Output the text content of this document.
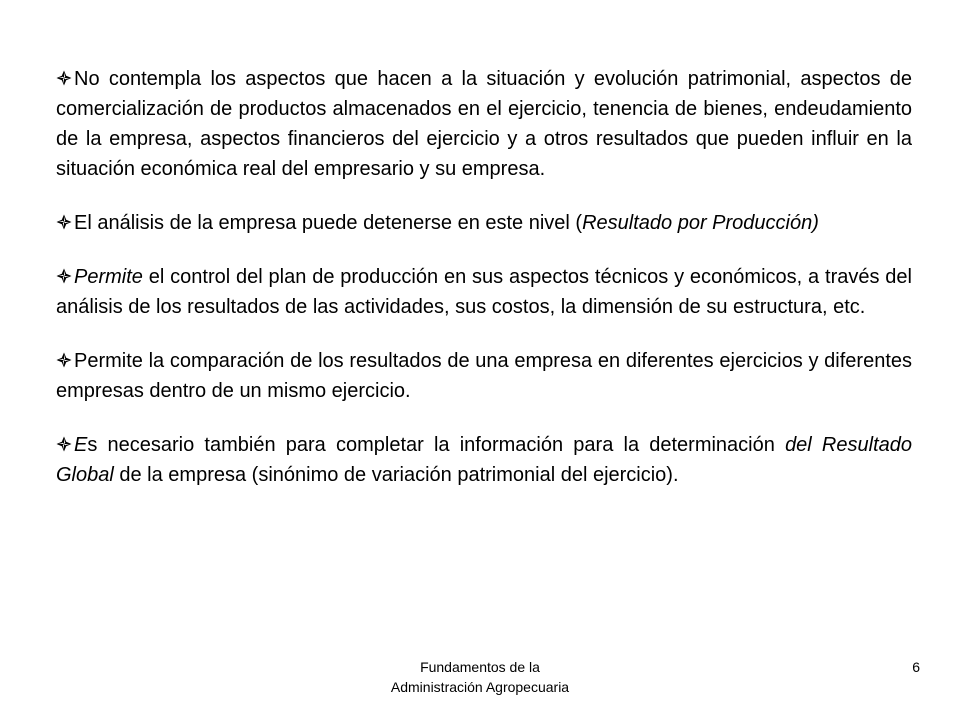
No contempla los aspectos que hacen a la situación y evolución patrimonial, aspectos de comercialización de productos almacenados en el ejercicio, tenencia de bienes, endeudamiento de la empresa, aspectos financieros del ejercicio y a otros resultados que pueden influir en la situación económica real del empresario y su empresa.

El análisis de la empresa puede detenerse en este nivel (Resultado por Producción)

Permite el control del plan de producción en sus aspectos técnicos y económicos, a través del análisis de los resultados de las actividades, sus costos, la dimensión de su estructura, etc.

Permite la comparación de los resultados de una empresa en diferentes ejercicios y diferentes empresas dentro de un mismo ejercicio.

Es necesario también para completar la información para la determinación del Resultado Global de la empresa (sinónimo de variación patrimonial del ejercicio).

Fundamentos de la
Administración Agropecuaria
6
